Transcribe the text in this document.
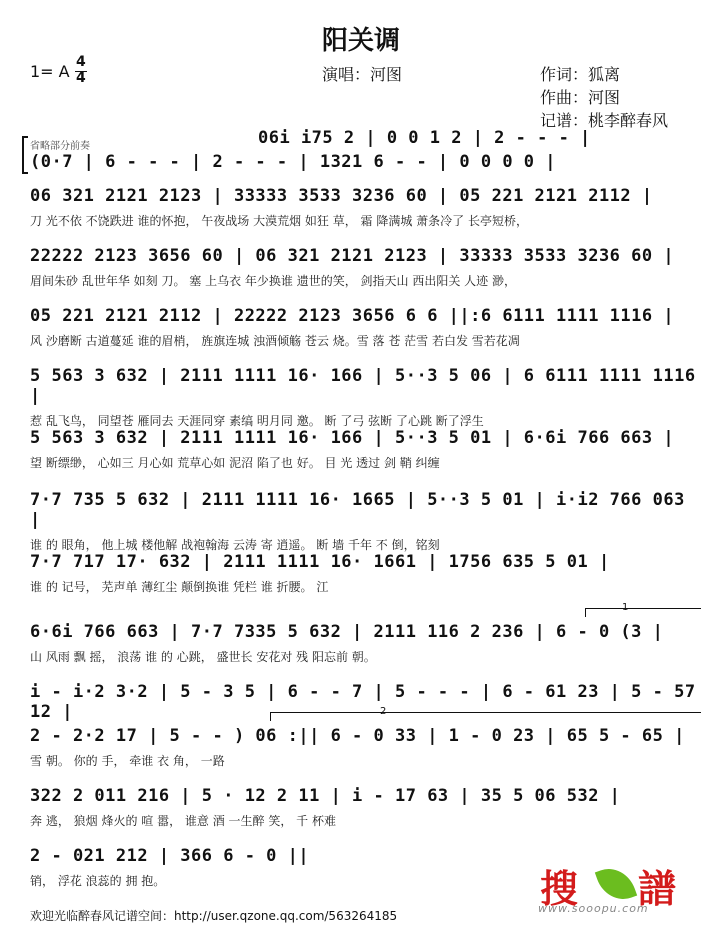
阳关调
1= A 4
4	演唱：河图	作词：狐离
作曲：河图
记谱：桃李醉春风
省略部分前奏
1
2
06i i75 2 | 0 0 1 2 | 2 - - - |
(0·7 | 6 - - - | 2 - - - | 1321 6 - - | 0 0 0 0 |
06 321 2121 2123 | 33333 3533 3236 60 | 05 221 2121 2112 |
刀 光不依 不饶跌进 谁的怀抱， 午夜战场 大漠荒烟 如狂 草， 霜 降满城 萧条冷了 长亭短桥，
22222 2123 3656 60 | 06 321 2121 2123 | 33333 3533 3236 60 |
眉间朱砂 乱世年华 如刻 刀。 塞 上乌衣 年少换谁 遗世的笑， 剑指天山 西出阳关 人迹 渺，
05 221 2121 2112 | 22222 2123 3656 6 6 ||:6 6111 1111 1116 |
风 沙磨断 古道蔓延 谁的眉梢， 旌旗连城 浊酒倾觞 苍云 烧。雪 落 苍 茫雪 若白发 雪若花凋
5 563 3 632 | 2111 1111 16· 166 | 5··3 5 06 | 6 6111 1111 1116 |
惹 乱飞鸟， 同望苍 雁同去 天涯同穿 素缟 明月同 邀。 断 了弓 弦断 了心跳 断了浮生
5 563 3 632 | 2111 1111 16· 166 | 5··3 5 01 | 6·6i 766 663 |
望 断缥缈， 心如三 月心如 荒草心如 泥沼 陷了也 好。 目 光 透过 剑 鞘 纠缠
7·7 735 5 632 | 2111 1111 16· 1665 | 5··3 5 01 | i·i2 766 063 |
谁 的 眼角， 他上城 楼他解 战袍翰海 云涛 寄 逍遥。 断 墙 千年 不 倒，铭刻
7·7 717 17· 632 | 2111 1111 16· 1661 | 1756 635 5 01 |
谁 的 记号， 芜声单 薄红尘 颠倒换谁 凭栏 谁 折腰。 江
6·6i 766 663 | 7·7 7335 5 632 | 2111 116 2 236 | 6 - 0 (3 |
山 风雨 飘 摇， 浪荡 谁 的 心跳， 盛世长 安花对 残 阳忘前 朝。
i - i·2 3·2 | 5 - 3 5 | 6 - - 7 | 5 - - - | 6 - 61 23 | 5 - 57 12 |
2 - 2·2 17 | 5 - - ) 06 :|| 6 - 0 33 | 1 - 0 23 | 65 5 - 65 |
雪 朝。 你的 手， 牵谁 衣 角， 一路
322 2 011 216 | 5 · 12 2 11 | i - 17 63 | 35 5 06 532 |
奔 逃， 狼烟 烽火的 喧 嚣， 谁意 酒 一生醉 笑， 千 杯难
2 - 021 212 | 366 6 - 0 ||
销， 浮花 浪蕊的 拥 抱。	搜 譜
www.sooopu.com
欢迎光临醉春风记谱空间：http://user.qzone.qq.com/563264185
